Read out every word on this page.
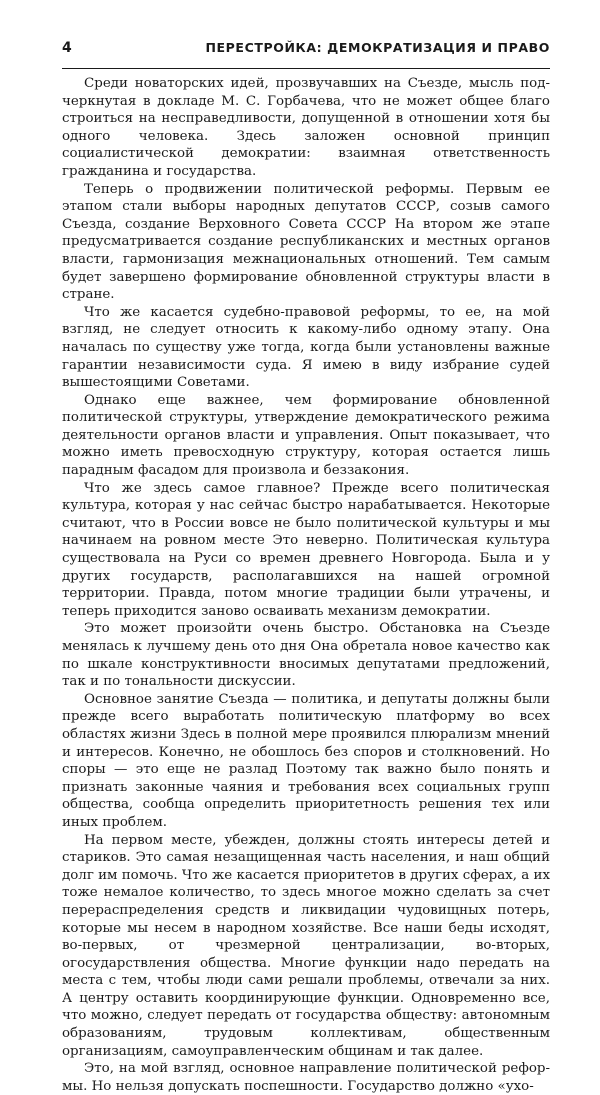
4	ПЕРЕСТРОЙКА: ДЕМОКРАТИЗАЦИЯ И ПРАВО

Среди новаторских идей, прозвучавших на Съезде, мысль подчеркнутая в докладе М. С. Горбачева, что не может общее благо строиться на несправедливости, допущенной в отношении хотя бы одного человека. Здесь заложен основной принцип социалистической демократии: взаимная ответственность гражданина и государства.

Теперь о продвижении политической реформы. Первым ее этапом стали выборы народных депутатов СССР, созыв самого Съезда, создание Верховного Совета СССР На втором же этапе предусматривается создание республиканских и местных органов власти, гармонизация межнациональных отношений. Тем самым будет завершено формирование обновленной структуры власти в стране.

Что же касается судебно-правовой реформы, то ее, на мой взгляд, не следует относить к какому-либо одному этапу. Она началась по существу уже тогда, когда были установлены важные гарантии независимости суда. Я имею в виду избрание судей вышестоящими Советами.

Однако еще важнее, чем формирование обновленной политической структуры, утверждение демократического режима деятельности органов власти и управления. Опыт показывает, что можно иметь превосходную структуру, которая остается лишь парадным фасадом для произвола и беззакония.

Что же здесь самое главное? Прежде всего политическая культура, которая у нас сейчас быстро нарабатывается. Некоторые считают, что в России вовсе не было политической культуры и мы начинаем на ровном месте Это неверно. Политическая культура существовала на Руси со времен древнего Новгорода. Была и у других государств, располагавшихся на нашей огромной территории. Правда, потом многие традиции были утрачены, и теперь приходится заново осваивать механизм демократии.

Это может произойти очень быстро. Обстановка на Съезде менялась к лучшему день ото дня Она обретала новое качество как по шкале конструктивности вносимых депутатами предложений, так и по тональности дискуссии.

Основное занятие Съезда — политика, и депутаты должны были прежде всего выработать политическую платформу во всех областях жизни Здесь в полной мере проявился плюрализм мнений и интересов. Конечно, не обошлось без споров и столкновений. Но споры — это еще не разлад Поэтому так важно было понять и признать законные чаяния и требования всех социальных групп общества, сообща определить приоритетность решения тех или иных проблем.

На первом месте, убежден, должны стоять интересы детей и стариков. Это самая незащищенная часть населения, и наш общий долг им помочь. Что же касается приоритетов в других сферах, а их тоже немалое количество, то здесь многое можно сделать за счет перераспределения средств и ликвидации чудовищных потерь, которые мы несем в народном хозяйстве. Все наши беды исходят, во-первых, от чрезмерной централизации, во-вторых, огосударствления общества. Многие функции надо передать на места с тем, чтобы люди сами решали проблемы, отвечали за них. А центру оставить координирующие функции. Одновременно все, что можно, следует передать от государства обществу: автономным образованиям, трудовым коллективам, общественным организациям, самоуправленческим общинам и так далее.

Это, на мой взгляд, основное направление политической реформы. Но нельзя допускать поспешности. Государство должно «ухо-
